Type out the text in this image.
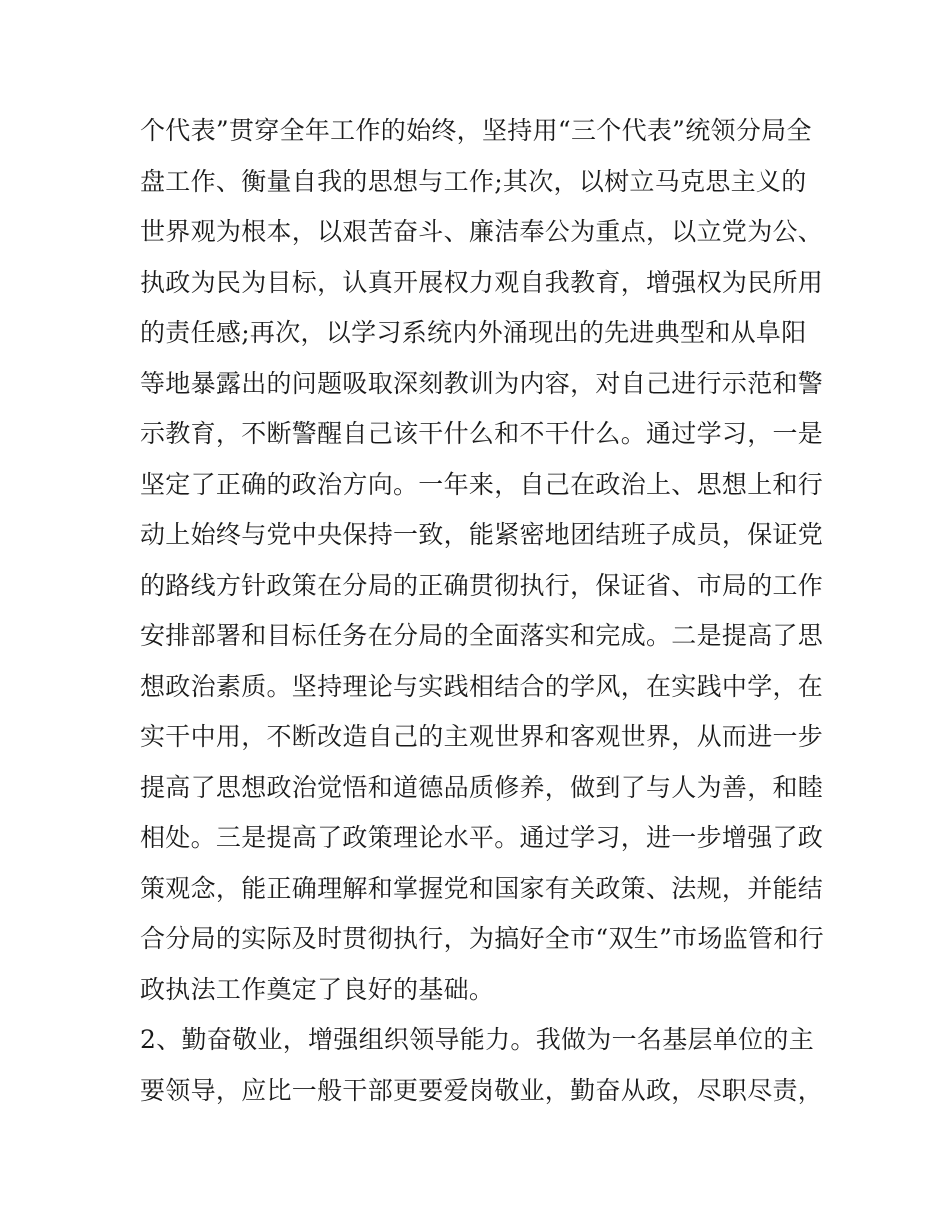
个代表”贯穿全年工作的始终，坚持用“三个代表”统领分局全
盘工作、衡量自我的思想与工作;其次，以树立马克思主义的
世界观为根本，以艰苦奋斗、廉洁奉公为重点，以立党为公、
执政为民为目标，认真开展权力观自我教育，增强权为民所用
的责任感;再次，以学习系统内外涌现出的先进典型和从阜阳
等地暴露出的问题吸取深刻教训为内容，对自己进行示范和警
示教育，不断警醒自己该干什么和不干什么。通过学习，一是
坚定了正确的政治方向。一年来，自己在政治上、思想上和行
动上始终与党中央保持一致，能紧密地团结班子成员，保证党
的路线方针政策在分局的正确贯彻执行，保证省、市局的工作
安排部署和目标任务在分局的全面落实和完成。二是提高了思
想政治素质。坚持理论与实践相结合的学风，在实践中学，在
实干中用，不断改造自己的主观世界和客观世界，从而进一步
提高了思想政治觉悟和道德品质修养，做到了与人为善，和睦
相处。三是提高了政策理论水平。通过学习，进一步增强了政
策观念，能正确理解和掌握党和国家有关政策、法规，并能结
合分局的实际及时贯彻执行，为搞好全市“双生”市场监管和行
政执法工作奠定了良好的基础。
2、勤奋敬业，增强组织领导能力。我做为一名基层单位的主
要领导，应比一般干部更要爱岗敬业，勤奋从政，尽职尽责，
